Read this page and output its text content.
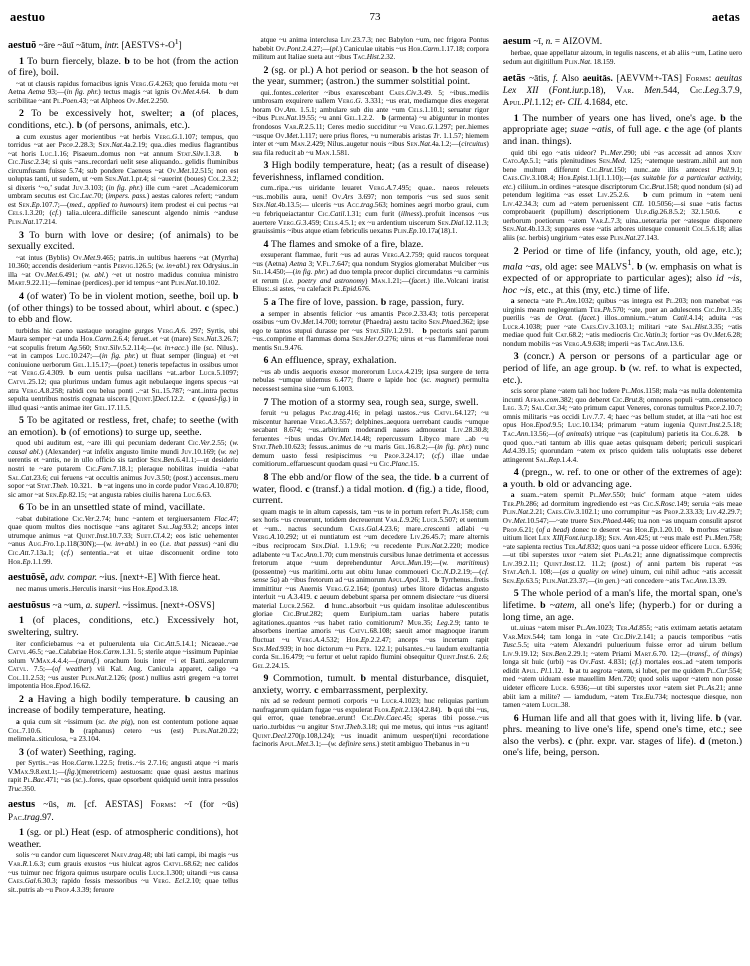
aestuo	73	aetas

aestuō ~āre ~āuī ~ātum, intr. $[AESTVS+-O^1]$

1 To burn fiercely, blaze. b to be hot (from the action of fire), boil.

~at ut clausis rapidus fornacibus ignis Verg.G.4.263; quo feruida motu ~et Aetna Aetna 93;—(in fig. phr.) tectus magis ~at ignis Ov.Met.4.64.   b dum scribilitae ~ant Pl.Poen.43; ~at Alpheos Ov.Met.2.250.

2 To be excessively hot, swelter; a (of places, conditions, etc.). b (of persons, animals, etc.).

a cum exustus ager morientibus ~at herbis Verg.G.1.107; tempus, quo torridus ~at aer Prop.2.28.3; Sen.Nat.4a.2.19; qua..dies medius flagrantibus ~at horis Luc.1.16; Pisaeum..domus non ~at annum Stat.Silv.1.3.8.   b Cic.Tusc.2.34; si quis ~ans..recordari uelit sese aliquando.. gelidis fluminibus circumfusam fuisse 5.74; sub pondere Caeneus ~at Ov.Met.12.515; non est uoluptas tanti, ut sudem, ut ~em Sen.Nat.1.pr.4; si ~auerint (boues) Col.2.3.2; si dixeris ‘~o,’ sudat Juv.3.103; (in fig. phr.) ille cum ~aret ..Academicorum umbram secutus est Cic.Luc.70; (impers. pass.) aestas calores refert; ~andum est Sen.Ep.107.7;—(med., applied to humours) item prodest ei cui pectus ~at Cels.1.3.20; (cf.) talia..ulcera..difficile sanescunt algendo nimis ~anduse Plin.Nat.17.214.

3 To burn with love or desire; (of animals) to be sexually excited.

~at intus (Byblis) Ov.Met.9.465; patris..in uultibus haerens ~at (Myrrha) 10.360; accendis desiderium ~antis Pervig.126.5; (w. in+abl.) rex Odrysius..in illa ~at Ov.Met.6.491; (w. abl.) ~et ut nostro madidus conuiua ministro Mart.9.22.11;—feminae (perdices)..per id tempus ~ant Plin.Nat.10.102.

4 (of water) To be in violent motion, seethe, boil up. b (of other things) to be tossed about, whirl about. c (spec.) to ebb and flow.

turbidus hic caeno uastaque uoragine gurges Verg.A.6. 297; Syrtis, ubi Maura semper ~at unda Hor.Carm.2.6.4; feruet..et ~at (mare) Sen.Nat.3.26.7; ~at scopulis fretum Ag.560; Stat.Silv.5.2.114;—(w. in+acc.) ille (sc. Nilus).. ~at in campos Luc.10.247;—(in fig. phr.) ut fluat semper (lingua) et ~et coniuuione uerborum Gel.1.15.17;—(poet.) teneris tepefactus in ossibus umor ~at Verg.G.4.309. b eum uentis pulsa uacillans ~at..arbor Lucr.5.1097; Catvl.25.12; qua plurimus undam fumus agit nebulaeque ingens specus ~at atra Verg.A.8.258; rabidi ceu belua ponti ..~at Sil.15.787; ~ant..intra pectus sepulta uentribus nostris cognata uiscera [Quint.]Decl.12.2.   c (quasi-fig.) in illud quasi ~antis animae iter Gel.17.11.5.

5 To be agitated or restless, fret, chafe; to seethe (with an emotion). b (of emotions) to surge up, seethe.

quod ubi auditum est, ~are illi qui pecuniam dederant Cic.Ver.2.55; (w. causal abl.) (Alexander) ~at infelix angusto limite mundi Juv.10.169; (w. ne) uerentis et ~antis, ne in ullo officio sis tardior Sen.Ben.6.41.1;—ut desiderio nostri te ~are putarem Cic.Fam.7.18.1; pleraque nobilitas inuidia ~abat Sal.Cat.23.6; cui feruens ~at occultis animus Juv.3.50; (post.) accensus..meru sopor ~at Stat.Theb. 10.321.   b ~at ingens uno in corde pudor Verg.A.10.870; sic amor ~at Sen.Ep.82.15; ~at angusta rabies ciuilis harena Luc.6.63.

6 To be in an unsettled state of mind, vacillate.

~abat dubitatione Cic.Ver.2.74; hunc ~antem et tergiuersantem Flac.47; quae quom multos dies noctisque ~ans agitaret Sal.Jug.93.2; anceps inter utrumque animus ~at Quint.Inst.10.7.33; Suet.Cl.4.2; eos istic uehementer ~anus Aug.Fro.1.p.118(30N);—(w. in+abl.) in eo (i.e. that passus) ~ani diu Cic.Att.7.13a.1; (cf.) sententia..~at et uitae disconuenit ordine toto Hor.Ep.1.1.99.

aestuōsē, adv. compar. ~ius. [next+-E] With fierce heat.

nec manus umeris..Herculis inarsit ~ius Hor.Epod.3.18.

aestuōsus ~a ~um, a. superl. ~issimus. [next+-OSVS]

1 (of places, conditions, etc.) Excessively hot, sweltering, sultry.

iter conficiebamus ~a et puluerulenta uia Cic.Att.5.14.1; Nicaeae..~ae Catvl.46.5; ~ae..Calabriae Hor.Carm.1.31. 5; sterile atque ~issimum Pupiniae solum V.Max.4.4.4;—(transf.) orachum Iouis inter ~i et Batti..sepulcrum Catvl. 7.5;—(of weather) vii Kal. Aug. Canicula apparet, caligo ~a Col.11.2.53; ~us auster Plin.Nat.2.126; (post.) nullius astri gregem ~a torret impotentia Hor.Epod.16.62.

2 a Having a high bodily temperature. b causing an increase of bodily temperature, heating.

a quia cum sit ~issimum (sc. the pig), non est contentum potione aquae Col.7.10.6.   b (raphanus) cetero ~us (est) Plin.Nat.20.22; melimela..siticulosa, ~a 23.104.

3 (of water) Seething, raging.

per Syrtis..~as Hor.Carm.1.22.5; fretis..~is 2.7.16; angusti atque ~i maris V.Max.9.8.ext.1;—(fig.)(meretricem) aestuosam: quae quasi aestus marinus rapit Pl.Bac.471; ~as (sc.)..fores, quae opsorbent quidquid uenit intra pessulos Truc.350.

aestus ~ūs, m. [cf. AESTAS] Forms: ~ī (for ~ūs) Pac.trag.97.

1 (sg. or pl.) Heat (esp. of atmospheric conditions), hot weather.

solis ~u candor cum liquesceret Naev.trag.48; ubi lati campi, ibi magis ~us Var.R.1.6.3; cum grauis exustos ~us hiulcat agros Catvl.68.62; nec calidos ~us tuimur nec frigora quimus usurpare oculis Lucr.1.300; uitandi ~us causa Caes.Gal.6.30.3; rapido fessis messoribus ~u Verg. Ecl.2.10; quae tellus sit..putris ab ~u Prop.4.3.39; feruore

atque ~u anima interclusa Liv.23.7.3; nec Babylon ~um, nec frigora Pontus habebit Ov.Pont.2.4.27;—(pl.) Caniculae uitabis ~us Hor.Carm.1.17.18; corpora militum aut Italiae sueta aut ~ibus Tac.Hist.2.32.

2 (sg. or pl.) A hot period or season. b the hot season of the year, summer; (astron.) the summer solstitial point.

qui..fontes..celeriter ~ibus exarescebant Caes.Civ.3.49. 5; ~ibus..mediis umbrosam exquirere uallem Verg.G. 3.331; ~us erat, mediamque dies exegerat horam Ov.Am. 1.5.1; ambulare sub diu ante ~um Cels.1.10.1; seruatur rigor ~ibus Plin.Nat.19.55; ~u anni Gel.1.2.2.   b (armenta) ~u abiguntur in montes frondosos Var.R.2.5.11; Ceres medio succiditur ~u Verg.G.1.297; per..hiemes ~usque Ov.Met.1.117; uere prius flores, ~u numerabis aristas Tr. 1.1.57; hiemem inter et ~um Man.2.429; Nilus..augetur nouis ~ibus Sen.Nat.4a.1.2;—(circuitus) sua fila reducit ab ~u Man.1.581.

3 High bodily temperature, heat; (as a result of disease) feverishness, inflamed condition.

cum..ripa..~us uiridante leuaret Verg.A.7.495; quae.. naeos releuets ~us..mobilis aura, ueni! Ov.Ars 3.697; non temporis ~us sed suos senit Sen.Nat.4b.13.5;— ulceris ~us Acc.trag.563; homines aegri morbo graui, cum ~u febriqueiactantur Cic.Catil.1.31; cum furit (illness)..profuit incensos ~us auertere Verg.G.3.459; Cels.4.5.1; ex ~u ardentium uiscerum Sen.Dial.12.11.3; grauissimis ~ibus atque etiam febriculis uexatus Plin.Ep.10.17a(18).1.

4 The flames and smoke of a fire, blaze.

exsuperant flammae, furit ~us ad auras Verg.A.2.759; quid raucos torqueat ~us (Aetna) Aetna 3; V.Fl.7.647; qua nondum Stygios glomerabat Mulciber ~us Sil.14.450;—(in fig. phr.) ad duo templa precor duplici circumdatus ~u carminis et rerum (i.e. poetry and astronomy) Man.1.21;—(facet.) ille..Volcani iratist Elius:..si astes, ~u calefacit Pl.Epid.676.

5 a The fire of love, passion. b rage, passion, fury.

a semper in absentis felicior ~us amantis Prop.2.33.43; totis perceperat ossibus ~um Ov.Met.14.700; torretur (Phaedra) aestu tacito Sen.Phaed.362; ipse ego te tantos stupui durasse per ~us Stat.Silv.1.2.91.   b pectoris sani parum ~us..comprime et flammas doma Sen.Her.O.276; uirus et ~us flammiferae noui mentis Sil.9.476.

6 An effluence, spray, exhalation.

~us ab undis aequoris exesor morerorum Luca.4.219; ipsa surgere de terra nebulas ~umque uidemus 6.477; fluere e lapide hoc (sc. magnet) permulta necessest semina siue ~um 6.1003.

7 The motion of a stormy sea, rough sea, surge, swell.

feruit ~u pelagus Pac.trag.416; in pelagi uastos..~us Catvl.64.127; ~u miscentur harenae Verg.A.3.557; delphines..aequora uerrebant caudis ~umque secabant 8.674; ~us..arbitrium moderandi naues admouerat Liv.28.30.8; feruentes ~ibus undas Ov.Met.14.48; repercussum Libyco mare ..ab ~u Stat.Theb.10.623; fessus..animus de ~u maris Gel.16.8.2;—(in fig. phr.) nunc demum uasto fessi resipiscimus ~u Prop.3.24.17; (cf.) illae undae comitiorum..effaruescunt quodam quasi ~u Cic.Planc.15.

8 The ebb and/or flow of the sea, the tide. b a current of water, flood. c (transf.) a tidal motion. d (fig.) a tide, flood, current.

quam magis te in altum capessis, tam ~us te in portum refert Pl.As.158; cum sex horis ~us creuerunt, totidem decreuerunt Var.L.9.26; Lucr.5.507; et uentum et ~um.. nactus secundum Caes.Gal.4.23.6; mare..crescenti adlabi ~u Verg.A.10.292; ut ei nuntiatum est ~um decedere Liv.26.45.7; mare alternis ~ibus reciprocam Sen.Dial. 1.1.9.6; ~u recedente Plin.Nat.2.220; modice adlabente ~u Tac.Ann.1.70; cum menstruis cursibus lunae detrimenta et accessus fretorum atque ~uum deprehenduntur Apul.Mun.19;—(w. maritimus) (possentne) ~us maritimi..ortu aut obitu lunae commoueri Cic.N.D.2.19;—(cf. sense 5a) ab ~ibus fretorum ad ~us animorum Apul.Apol.31.   b Tyrrhenus..fretis immittitur ~us Auernis Verg.G.2.164; (pontus) urbes litore didactas angusto interluit ~u A.3.419. c aeuum debebunt sparsa per omnem disiectare ~us diuersi material Lucr.2.562.   d hunc..absorbuit ~us quidam insolitae adulescentibus gloriae Cic.Brut.282; quem Euripium..tam uarias habere putatis agitationes..quantos ~us habet ratio comitiorum? Mur.35; Leg.2.9; tanto te absorbens inertiae amoris ~us Catvl.68.108; saeuit amor magnoque irarum fluctuat ~u Verg.A.4.532; Hor.Ep.2.2.47; anceps ~us incertam rapit Sen.Med.939; in hoc dictorum ~u Petr. 122.1; pulsantes..~u laudum exultantia corda Sil.16.479; ~u fertur et uelut rapido flumini obsequitur Quint.Inst.6. 2.6; Gel.2.24.15.

9 Commotion, tumult. b mental disturbance, disquiet, anxiety, worry. c embarrassment, perplexity.

nix ad se redeunt permoti corporis ~u Lucr.4.1023; huc reliquias partium naufragarum quidam fugae ~us expulerat Flor.Epit.2.13(4.2.84).   b qui tibi ~us, qui error, quae tenebrae..erunt! Cic.Div.Caec.45; speras tibi posse..~us uario..turbidus ~u angitur Stat.Theb.3.18; qui me metus, qui intus ~us agitant! Quint.Decl.270(p.108,l.24); ~us inuadit animum uesper(ti)ni recordatione facinoris Apul.Met.3.1;—(w. definire sens.) stetit ambiguo Thebanus in ~u

aesum ~ī, n. = AIZOVM.

herbae, quae appellatur aizoum, in tegulis nascens, et ab aliis ~um, Latine uero sedum aut digitillum Plin.Nat. 18.159.

aetās ~ātis, f. Also aeuitās. [AEVVM+-TAS] Forms: aeuitas Lex XII (Font.iur.p.18), Var. Men.544, Cic.Leg.3.7.9, Apul.Pl.1.12; et- CIL 4.1684, etc.

1 The number of years one has lived, one's age. b the appropriate age; suae ~atis, of full age. c the age (of plants and inan. things).

quid tibi ego ~atis uideor? Pl.Mer.290; ubi ~as accessit ad annos Xxiv Cato.Ap.5.1; ~atis plenitudines Sen.Med. 125; ~atemque uestram..nihil aut non bene multum differunt Cic.Brut.150; nunc..ate illis antecest Phil.9.1; Caes.Civ.3.108.4; Hor.Epist.1.1(1.1.10);—(as suitable for a particular activity, etc.) ciliium..in ordines ~atesque discriptorum Cic.Brut.158; quod nondum (si) ad petendum legitima ~as esset Liv.25.2.6.   b cum primum in ~atem ueni Liv.42.34.3; cum ad ~atem peruenissent CIL 10.5056;—si suae ~atis factus comprobauerit (pupillum) descriptionem Ulp.dig.26.8.5.2; 32.1.50.6.   c uerborum poetiorum ~atem Var.L.7.3; uina..ueteraria per ~atesque disponere Sen.Nat.4b.13.3; suppares esse ~atis arbores uitesque conuenit Col.5.6.18; alias aliis (sc. herbis) ungirium ~ates esse Plin.Nat.27.143.

2 Period or time of life (infancy, youth, old age, etc.); mala ~as, old age: see MALVS$^1$. b (w. emphasis on what is expected of or appropriate to particular ages); also id ~is, hoc ~is, etc., at this (my, etc.) time of life.

a senecta ~ate Pl.Am.1032; quibus ~as integra est Pl.203; non manebat ~as uirginis meam neglegentiam Ter.Ph.570; ~ate, puer an adulescens Cic.Inv.1.35; puerilis ~as de Orat. (facet.) illos..omnium..~atum Catil.4.14; aduita ~as Lucr.4.1038; puer ~ate Caes.Civ.3.103.1; militari ~ate Sal.Hist.3.35; ~atis mediae quod fuit Cat.68.2; ~atis mediocris Cic.Vatin.3; fortior ~as Ov.Met.6.28; nondum mobilis ~as Verg.A.9.638; imperii ~as Tac.Ann.13.6.

3 (concr.) A person or persons of a particular age or period of life, an age group. b (w. ref. to what is expected, etc.).

scis soror plane ~atem tali hoc ludere Pl.Mos.1158; mala ~as nulla dolentemita incunti Afran.com.382; quo deberet Cic.Brut.8; omnores populi ~atm..censetoco Leg. 3.7; Sal.Cat.34; ~ato primum caput Veneres, coronas tumultus Prop.2.10.7; omnis militaris ~as occidi Liv.7.7. 4; haec ~as bellum studet, at illa ~ati hoc est opus Hor.Epod.9.5; Luc.10.134; primarum ~atum iugenia Quint.Inst.2.5.18; Tac.Ann.13.56;—(of animals) utrique ~as (capitulum) parietis ita Col.6.28.   b quod quo..~ati tantum ab illis quae aetas quisquam deberi; periculi suspicari Ad.4.39.15; quorundam ~atem ex prisco quidem talis uoluptatis esse deberet attingerent Sal.Rep.1.4.4.

4 (pregn., w. ref. to one or other of the extremes of age): a youth. b old or advancing age.

a suam..~atem spernit Pl.Mer.550; huic' formam atque ~atem uides Ter.Ph.286; ad dormitum ingrediendo est ~as Cic.S.Rosc.149; seruia ~ais meae Plin.Nat.2.21; Caes.Civ.3.102.1; uno corrumpitur ~as Prop.2.33.33; Liv.42.29.7; Ov.Met.10.547;—~ate truere Sen.Phaed.446; tua non ~as unquam consulit apsrot Prop.6.21; (of a bead) donec te deseret ~as Hor.Ep.1.20.10.   b morbus ~atisue uitium licet Lex XII(Font.iur.p.18); Sen. Ann.425; ut ~eus male est! Pl.Men.758; ~ate sapienta rectius Ter.Ad.832; quos uani ~a posse uideor efficere Lucr. 6.936;—ut tibi superstes uxor ~atem siet Pl.As.21; anne dignatissimque comprectis Liv.39.2.11; Quint.Inst.12. 11.2; (post.) of anni partem bis ruperat ~as Stat.Ach.1. 108;—(as a quality on wine) uinum, cui nihil adhuc ~atis accessit Sen.Ep.63.5; Plin.Nat.23.37;—(in gen.) ~ati concedere ~atis Tac.Ann.13.39.

5 The whole period of a man's life, the mortal span, one's lifetime. b ~atem, all one's life; (hyperb.) for or during a long time, an age.

ut..uiuas ~atem miser Pl.Am.1023; Ter.Ad.855; ~atis extimam aetatis aetatam Var.Men.544; tam longa in ~ate Cic.Div.2.141; a paucis temporibus ~atis Tusc.5.5; uita ~atem Alexandri pulueriuum fuisse error ad uirum bellum Liv.9.19.12; Sen.Ben.2.29.1; ~atem Priami Mart.6.70. 12;—(transf., of things) longa sit huic (urbi) ~as Ov.Fast. 4.831; (cf.) mortales eos..ad ~atem temporis edidit Apul. Pl.1.12.   b at tu aegrota ~atem, si lubet, per me quidem Pl.Cur.554; med ~atem uiduam esse mauellim Men.720; quod solis uapor ~atem non posse uideter efficere Lucr. 6.936;—ut tibi superstes uxor ~atem siet Pl.As.21; anne abiit iam a milite? — iamdudum, ~atem Ter.Eu.734; noctesque diesque, non tamen ~atem Lucil.38.

6 Human life and all that goes with it, living life. b (var. phrs. meaning to live one's life, spend one's time, etc.; see also the verbs). c (phr. expr. var. stages of life). d (meton.) one's life, being, person.
